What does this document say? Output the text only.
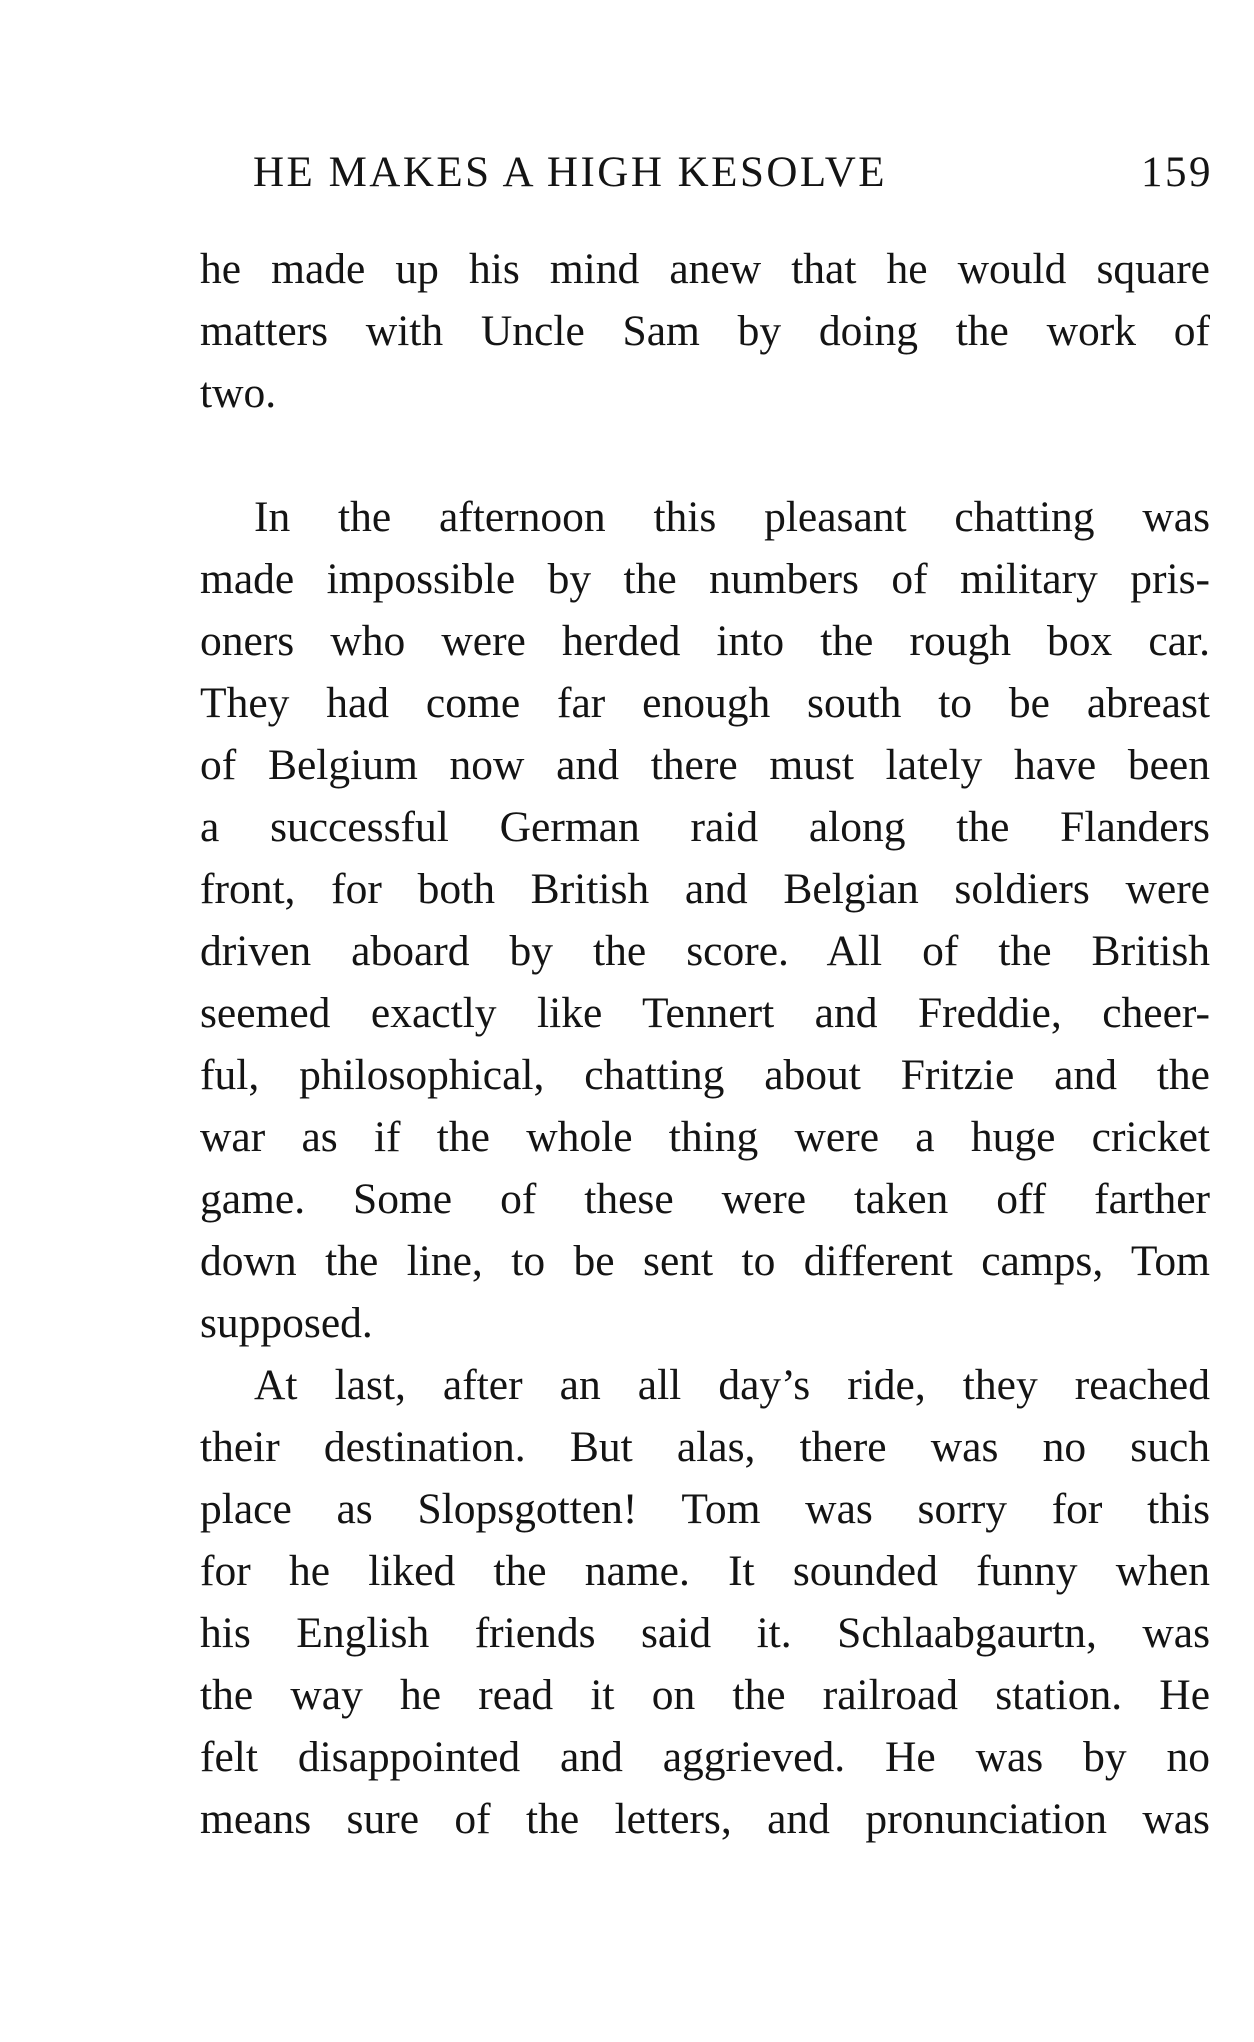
HE MAKES A HIGH KESOLVE	159
he made up his mind anew that he would square
matters with Uncle Sam by doing the work of
two.
In the afternoon this pleasant chatting was
made impossible by the numbers of military pris-
oners who were herded into the rough box car.
They had come far enough south to be abreast
of Belgium now and there must lately have been
a successful German raid along the Flanders
front, for both British and Belgian soldiers were
driven aboard by the score. All of the British
seemed exactly like Tennert and Freddie, cheer-
ful, philosophical, chatting about Fritzie and the
war as if the whole thing were a huge cricket
game. Some of these were taken off farther
down the line, to be sent to different camps, Tom
supposed.
At last, after an all day’s ride, they reached
their destination. But alas, there was no such
place as Slopsgotten! Tom was sorry for this
for he liked the name. It sounded funny when
his English friends said it. Schlaabgaurtn, was
the way he read it on the railroad station. He
felt disappointed and aggrieved. He was by no
means sure of the letters, and pronunciation was
